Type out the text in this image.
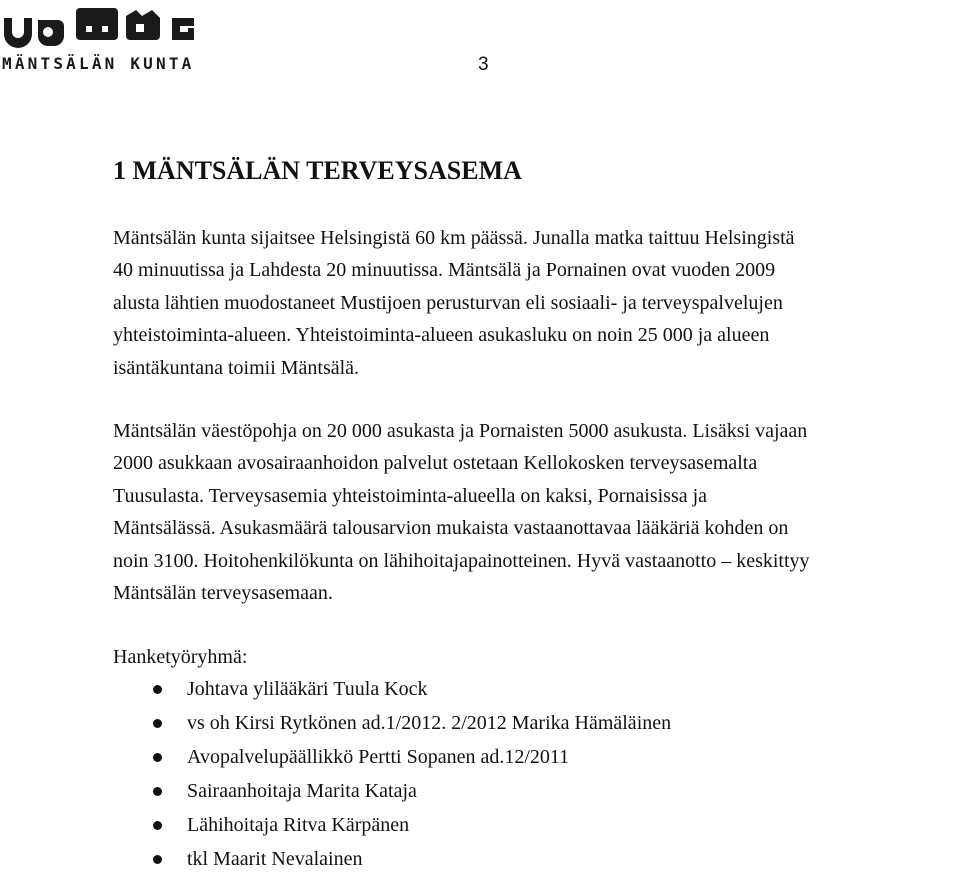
MÄNTSÄLÄN KUNTA	3
1 MÄNTSÄLÄN TERVEYSASEMA

Mäntsälän kunta sijaitsee Helsingistä 60 km päässä. Junalla matka taittuu Helsingistä
40 minuutissa ja Lahdesta 20 minuutissa. Mäntsälä ja Pornainen ovat vuoden 2009
alusta lähtien muodostaneet Mustijoen perusturvan eli sosiaali- ja terveyspalvelujen
yhteistoiminta-alueen. Yhteistoiminta-alueen asukasluku on noin 25 000 ja alueen
isäntäkuntana toimii Mäntsälä.

Mäntsälän väestöpohja on 20 000 asukasta ja Pornaisten 5000 asukusta. Lisäksi vajaan
2000 asukkaan avosairaanhoidon palvelut ostetaan Kellokosken terveysasemalta
Tuusulasta. Terveysasemia yhteistoiminta-alueella on kaksi, Pornaisissa ja
Mäntsälässä. Asukasmäärä talousarvion mukaista vastaanottavaa lääkäriä kohden on
noin 3100. Hoitohenkilökunta on lähihoitajapainotteinen. Hyvä vastaanotto – keskittyy
Mäntsälän terveysasemaan.

Hanketyöryhmä:
Johtava ylilääkäri Tuula Kock
vs oh Kirsi Rytkönen ad.1/2012. 2/2012 Marika Hämäläinen
Avopalvelupäällikkö Pertti Sopanen ad.12/2011
Sairaanhoitaja Marita Kataja
Lähihoitaja Ritva Kärpänen
tkl Maarit Nevalainen
